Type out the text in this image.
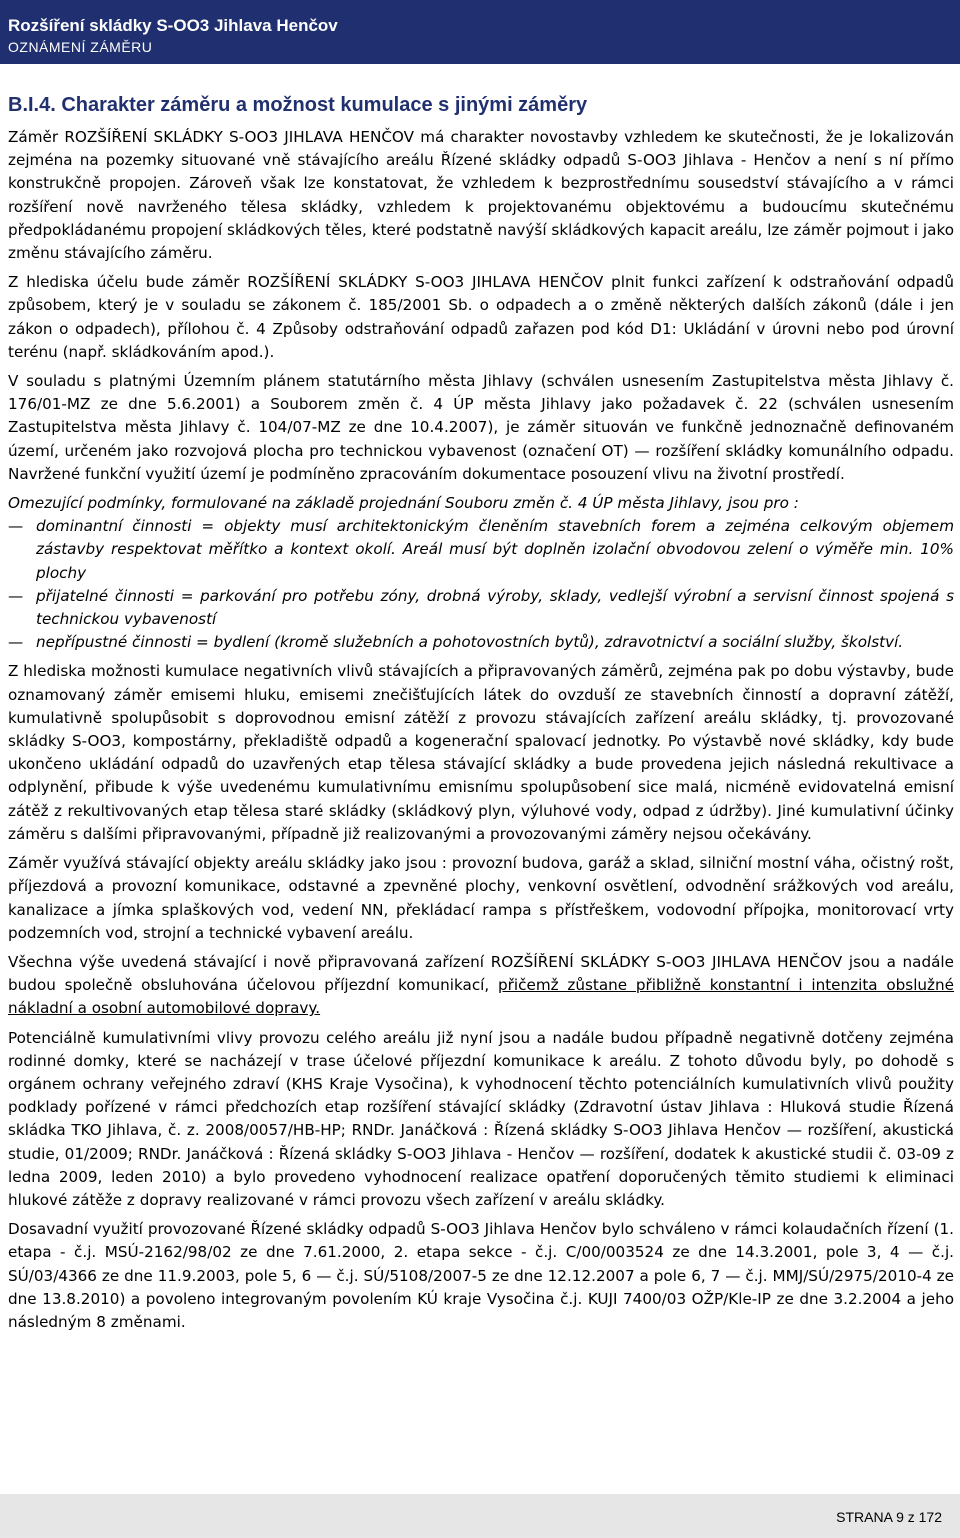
Rozšíření skládky S-OO3 Jihlava Henčov
OZNÁMENÍ ZÁMĚRU
B.I.4. Charakter záměru a možnost kumulace s jinými záměry

Záměr ROZŠÍŘENÍ SKLÁDKY S-OO3 JIHLAVA HENČOV má charakter novostavby vzhledem ke skutečnosti, že je lokalizován zejména na pozemky situované vně stávajícího areálu Řízené skládky odpadů S-OO3 Jihlava - Henčov a není s ní přímo konstrukčně propojen. Zároveň však lze konstatovat, že vzhledem k bezprostřednímu sousedství stávajícího a v rámci rozšíření nově navrženého tělesa skládky, vzhledem k projektovanému objektovému a budoucímu skutečnému předpokládanému propojení skládkových těles, které podstatně navýší skládkových kapacit areálu, lze záměr pojmout i jako změnu stávajícího záměru.

Z hlediska účelu bude záměr ROZŠÍŘENÍ SKLÁDKY S-OO3 JIHLAVA HENČOV plnit funkci zařízení k odstraňování odpadů způsobem, který je v souladu se zákonem č. 185/2001 Sb. o odpadech a o změně některých dalších zákonů (dále i jen zákon o odpadech), přílohou č. 4 Způsoby odstraňování odpadů zařazen pod kód D1: Ukládání v úrovni nebo pod úrovní terénu (např. skládkováním apod.).

V souladu s platnými Územním plánem statutárního města Jihlavy (schválen usnesením Zastupitelstva města Jihlavy č. 176/01-MZ ze dne 5.6.2001) a Souborem změn č. 4 ÚP města Jihlavy jako požadavek č. 22 (schválen usnesením Zastupitelstva města Jihlavy č. 104/07-MZ ze dne 10.4.2007), je záměr situován ve funkčně jednoznačně definovaném území, určeném jako rozvojová plocha pro technickou vybavenost (označení OT) — rozšíření skládky komunálního odpadu. Navržené funkční využití území je podmíněno zpracováním dokumentace posouzení vlivu na životní prostředí.

Omezující podmínky, formulované na základě projednání Souboru změn č. 4 ÚP města Jihlavy, jsou pro :

— dominantní činnosti = objekty musí architektonickým členěním stavebních forem a zejména celkovým objemem zástavby respektovat měřítko a kontext okolí. Areál musí být doplněn izolační obvodovou zelení o výměře min. 10% plochy
— přijatelné činnosti = parkování pro potřebu zóny, drobná výroby, sklady, vedlejší výrobní a servisní činnost spojená s technickou vybaveností
— nepřípustné činnosti = bydlení (kromě služebních a pohotovostních bytů), zdravotnictví a sociální služby, školství.

Z hlediska možnosti kumulace negativních vlivů stávajících a připravovaných záměrů, zejména pak po dobu výstavby, bude oznamovaný záměr emisemi hluku, emisemi znečišťujících látek do ovzduší ze stavebních činností a dopravní zátěží, kumulativně spolupůsobit s doprovodnou emisní zátěží z provozu stávajících zařízení areálu skládky, tj. provozované skládky S-OO3, kompostárny, překladiště odpadů a kogenerační spalovací jednotky. Po výstavbě nové skládky, kdy bude ukončeno ukládání odpadů do uzavřených etap tělesa stávající skládky a bude provedena jejich následná rekultivace a odplynění, přibude k výše uvedenému kumulativnímu emisnímu spolupůsobení sice malá, nicméně evidovatelná emisní zátěž z rekultivovaných etap tělesa staré skládky (skládkový plyn, výluhové vody, odpad z údržby). Jiné kumulativní účinky záměru s dalšími připravovanými, případně již realizovanými a provozovanými záměry nejsou očekávány.

Záměr využívá stávající objekty areálu skládky jako jsou : provozní budova, garáž a sklad, silniční mostní váha, očistný rošt, příjezdová a provozní komunikace, odstavné a zpevněné plochy, venkovní osvětlení, odvodnění srážkových vod areálu, kanalizace a jímka splaškových vod, vedení NN, překládací rampa s přístřeškem, vodovodní přípojka, monitorovací vrty podzemních vod, strojní a technické vybavení areálu.

Všechna výše uvedená stávající i nově připravovaná zařízení ROZŠÍŘENÍ SKLÁDKY S-OO3 JIHLAVA HENČOV jsou a nadále budou společně obsluhována účelovou příjezdní komunikací, přičemž zůstane přibližně konstantní i intenzita obslužné nákladní a osobní automobilové dopravy.

Potenciálně kumulativními vlivy provozu celého areálu již nyní jsou a nadále budou případně negativně dotčeny zejména rodinné domky, které se nacházejí v trase účelové příjezdní komunikace k areálu. Z tohoto důvodu byly, po dohodě s orgánem ochrany veřejného zdraví (KHS Kraje Vysočina), k vyhodnocení těchto potenciálních kumulativních vlivů použity podklady pořízené v rámci předchozích etap rozšíření stávající skládky (Zdravotní ústav Jihlava : Hluková studie Řízená skládka TKO Jihlava, č. z. 2008/0057/HB-HP; RNDr. Janáčková : Řízená skládky S-OO3 Jihlava Henčov — rozšíření, akustická studie, 01/2009; RNDr. Janáčková : Řízená skládky S-OO3 Jihlava - Henčov — rozšíření, dodatek k akustické studii č. 03-09 z ledna 2009, leden 2010) a bylo provedeno vyhodnocení realizace opatření doporučených těmito studiemi k eliminaci hlukové zátěže z dopravy realizované v rámci provozu všech zařízení v areálu skládky.

Dosavadní využití provozované Řízené skládky odpadů S-OO3 Jihlava Henčov bylo schváleno v rámci kolaudačních řízení (1. etapa - č.j. MSÚ-2162/98/02 ze dne 7.61.2000, 2. etapa sekce - č.j. C/00/003524 ze dne 14.3.2001, pole 3, 4 — č.j. SÚ/03/4366 ze dne 11.9.2003, pole 5, 6 — č.j. SÚ/5108/2007-5 ze dne 12.12.2007 a pole 6, 7 — č.j. MMJ/SÚ/2975/2010-4 ze dne 13.8.2010) a povoleno integrovaným povolením KÚ kraje Vysočina č.j. KUJI 7400/03 OŽP/Kle-IP ze dne 3.2.2004 a jeho následným 8 změnami.

STRANA 9 z 172
